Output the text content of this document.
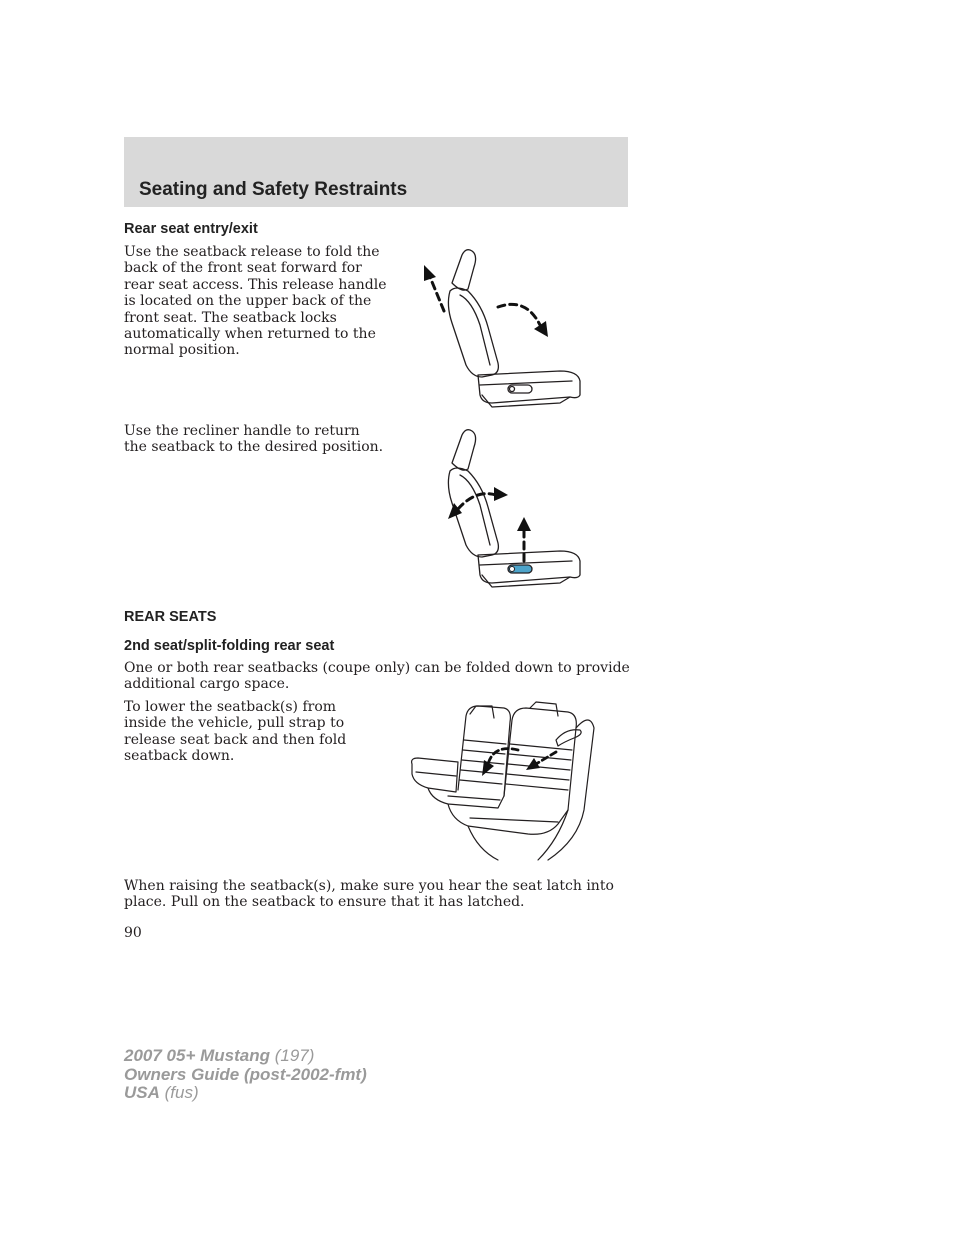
Seating and Safety Restraints
Rear seat entry/exit
Use the seatback release to fold the
back of the front seat forward for
rear seat access. This release handle
is located on the upper back of the
front seat. The seatback locks
automatically when returned to the
normal position.
Use the recliner handle to return
the seatback to the desired position.
REAR SEATS
2nd seat/split-folding rear seat
One or both rear seatbacks (coupe only) can be folded down to provide
additional cargo space.
To lower the seatback(s) from
inside the vehicle, pull strap to
release seat back and then fold
seatback down.
When raising the seatback(s), make sure you hear the seat latch into
place. Pull on the seatback to ensure that it has latched.
90
2007 05+ Mustang (197)
Owners Guide (post-2002-fmt)
USA (fus)
